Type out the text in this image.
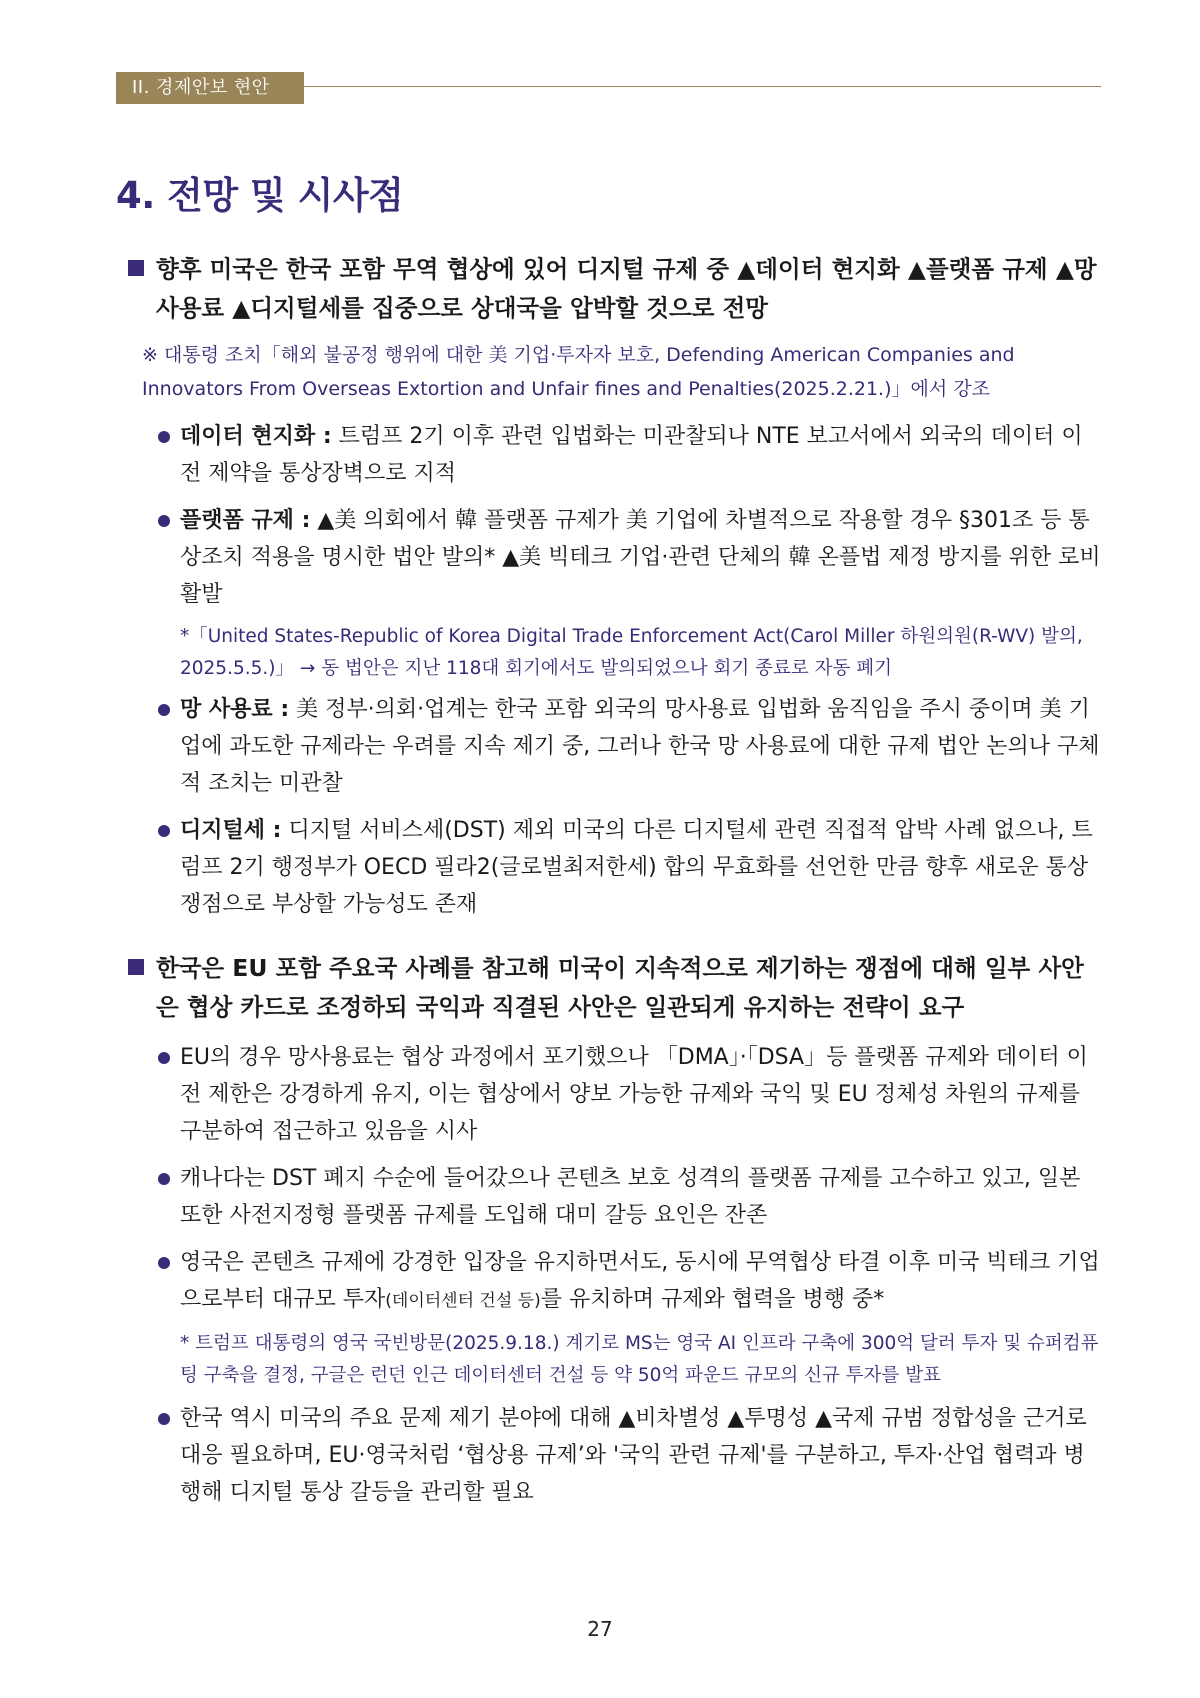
II. 경제안보 현안
4. 전망 및 시사점

향후 미국은 한국 포함 무역 협상에 있어 디지털 규제 중 ▲데이터 현지화 ▲플랫폼 규제 ▲망 사용료 ▲디지털세를 집중으로 상대국을 압박할 것으로 전망

※ 대통령 조치「해외 불공정 행위에 대한 美 기업·투자자 보호, Defending American Companies and Innovators From Overseas Extortion and Unfair fines and Penalties(2025.2.21.)」에서 강조

데이터 현지화 : 트럼프 2기 이후 관련 입법화는 미관찰되나 NTE 보고서에서 외국의 데이터 이전 제약을 통상장벽으로 지적

플랫폼 규제 : ▲美 의회에서 韓 플랫폼 규제가 美 기업에 차별적으로 작용할 경우 §301조 등 통상조치 적용을 명시한 법안 발의* ▲美 빅테크 기업·관련 단체의 韓 온플법 제정 방지를 위한 로비 활발

*「United States-Republic of Korea Digital Trade Enforcement Act(Carol Miller 하원의원(R-WV) 발의, 2025.5.5.)」 → 동 법안은 지난 118대 회기에서도 발의되었으나 회기 종료로 자동 폐기

망 사용료 : 美 정부·의회·업계는 한국 포함 외국의 망사용료 입법화 움직임을 주시 중이며 美 기업에 과도한 규제라는 우려를 지속 제기 중, 그러나 한국 망 사용료에 대한 규제 법안 논의나 구체적 조치는 미관찰

디지털세 : 디지털 서비스세(DST) 제외 미국의 다른 디지털세 관련 직접적 압박 사례 없으나, 트럼프 2기 행정부가 OECD 필라2(글로벌최저한세) 합의 무효화를 선언한 만큼 향후 새로운 통상 쟁점으로 부상할 가능성도 존재

한국은 EU 포함 주요국 사례를 참고해 미국이 지속적으로 제기하는 쟁점에 대해 일부 사안은 협상 카드로 조정하되 국익과 직결된 사안은 일관되게 유지하는 전략이 요구

EU의 경우 망사용료는 협상 과정에서 포기했으나 「DMA」·「DSA」등 플랫폼 규제와 데이터 이전 제한은 강경하게 유지, 이는 협상에서 양보 가능한 규제와 국익 및 EU 정체성 차원의 규제를 구분하여 접근하고 있음을 시사

캐나다는 DST 폐지 수순에 들어갔으나 콘텐츠 보호 성격의 플랫폼 규제를 고수하고 있고, 일본 또한 사전지정형 플랫폼 규제를 도입해 대미 갈등 요인은 잔존

영국은 콘텐츠 규제에 강경한 입장을 유지하면서도, 동시에 무역협상 타결 이후 미국 빅테크 기업으로부터 대규모 투자(데이터센터 건설 등)를 유치하며 규제와 협력을 병행 중*

* 트럼프 대통령의 영국 국빈방문(2025.9.18.) 계기로 MS는 영국 AI 인프라 구축에 300억 달러 투자 및 슈퍼컴퓨팅 구축을 결정, 구글은 런던 인근 데이터센터 건설 등 약 50억 파운드 규모의 신규 투자를 발표

한국 역시 미국의 주요 문제 제기 분야에 대해 ▲비차별성 ▲투명성 ▲국제 규범 정합성을 근거로 대응 필요하며, EU·영국처럼 ‘협상용 규제’와 '국익 관련 규제'를 구분하고, 투자·산업 협력과 병행해 디지털 통상 갈등을 관리할 필요

27
